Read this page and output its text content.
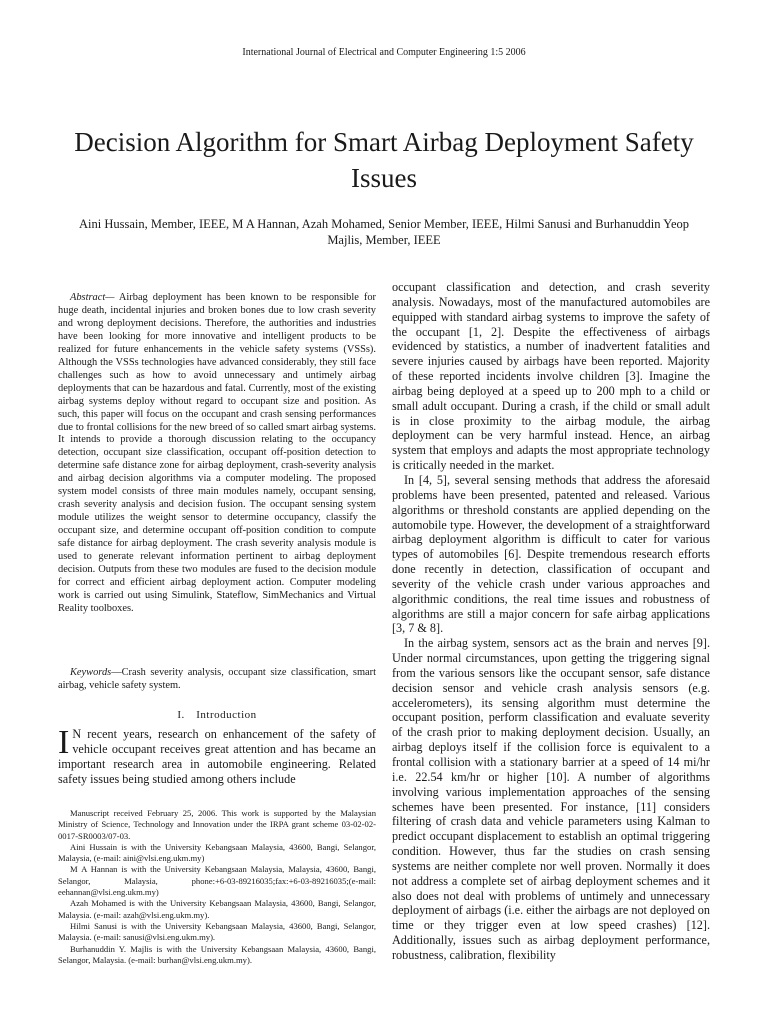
International Journal of Electrical and Computer Engineering 1:5 2006
Decision Algorithm for Smart Airbag Deployment Safety Issues
Aini Hussain, Member, IEEE, M A Hannan, Azah Mohamed, Senior Member, IEEE, Hilmi Sanusi and Burhanuddin Yeop Majlis, Member, IEEE
Abstract— Airbag deployment has been known to be responsible for huge death, incidental injuries and broken bones due to low crash severity and wrong deployment decisions. Therefore, the authorities and industries have been looking for more innovative and intelligent products to be realized for future enhancements in the vehicle safety systems (VSSs). Although the VSSs technologies have advanced considerably, they still face challenges such as how to avoid unnecessary and untimely airbag deployments that can be hazardous and fatal. Currently, most of the existing airbag systems deploy without regard to occupant size and position. As such, this paper will focus on the occupant and crash sensing performances due to frontal collisions for the new breed of so called smart airbag systems. It intends to provide a thorough discussion relating to the occupancy detection, occupant size classification, occupant off-position detection to determine safe distance zone for airbag deployment, crash-severity analysis and airbag decision algorithms via a computer modeling. The proposed system model consists of three main modules namely, occupant sensing, crash severity analysis and decision fusion. The occupant sensing system module utilizes the weight sensor to determine occupancy, classify the occupant size, and determine occupant off-position condition to compute safe distance for airbag deployment. The crash severity analysis module is used to generate relevant information pertinent to airbag deployment decision. Outputs from these two modules are fused to the decision module for correct and efficient airbag deployment action. Computer modeling work is carried out using Simulink, Stateflow, SimMechanics and Virtual Reality toolboxes.
Keywords—Crash severity analysis, occupant size classification, smart airbag, vehicle safety system.
I. Introduction
I N recent years, research on enhancement of the safety of vehicle occupant receives great attention and has became an important research area in automobile engineering. Related safety issues being studied among others include

Manuscript received February 25, 2006. This work is supported by the Malaysian Ministry of Science, Technology and Innovation under the IRPA grant scheme 03-02-02-0017-SR0003/07-03.

Aini Hussain is with the University Kebangsaan Malaysia, 43600, Bangi, Selangor, Malaysia, (e-mail: aini@vlsi.eng.ukm.my)

M A Hannan is with the University Kebangsaan Malaysia, Malaysia, 43600, Bangi, Selangor, Malaysia, phone:+6-03-89216035;fax:+6-03-89216035;(e-mail: eehannan@vlsi.eng.ukm.my)

Azah Mohamed is with the University Kebangsaan Malaysia, 43600, Bangi, Selangor, Malaysia. (e-mail: azah@vlsi.eng.ukm.my).

Hilmi Sanusi is with the University Kebangsaan Malaysia, 43600, Bangi, Selangor, Malaysia. (e-mail: sanusi@vlsi.eng.ukm.my).

Burhanuddin Y. Majlis is with the University Kebangsaan Malaysia, 43600, Bangi, Selangor, Malaysia. (e-mail: burhan@vlsi.eng.ukm.my).

occupant classification and detection, and crash severity analysis. Nowadays, most of the manufactured automobiles are equipped with standard airbag systems to improve the safety of the occupant [1, 2]. Despite the effectiveness of airbags evidenced by statistics, a number of inadvertent fatalities and severe injuries caused by airbags have been reported. Majority of these reported incidents involve children [3]. Imagine the airbag being deployed at a speed up to 200 mph to a child or small adult occupant. During a crash, if the child or small adult is in close proximity to the airbag module, the airbag deployment can be very harmful instead. Hence, an airbag system that employs and adapts the most appropriate technology is critically needed in the market.

In [4, 5], several sensing methods that address the aforesaid problems have been presented, patented and released. Various algorithms or threshold constants are applied depending on the automobile type. However, the development of a straightforward airbag deployment algorithm is difficult to cater for various types of automobiles [6]. Despite tremendous research efforts done recently in detection, classification of occupant and severity of the vehicle crash under various approaches and algorithmic conditions, the real time issues and robustness of algorithms are still a major concern for safe airbag applications [3, 7 & 8].

In the airbag system, sensors act as the brain and nerves [9]. Under normal circumstances, upon getting the triggering signal from the various sensors like the occupant sensor, safe distance decision sensor and vehicle crash analysis sensors (e.g. accelerometers), its sensing algorithm must determine the occupant position, perform classification and evaluate severity of the crash prior to making deployment decision. Usually, an airbag deploys itself if the collision force is equivalent to a frontal collision with a stationary barrier at a speed of 14 mi/hr i.e. 22.54 km/hr or higher [10]. A number of algorithms involving various implementation approaches of the sensing schemes have been presented. For instance, [11] considers filtering of crash data and vehicle parameters using Kalman to predict occupant displacement to establish an optimal triggering condition. However, thus far the studies on crash sensing systems are neither complete nor well proven. Normally it does not address a complete set of airbag deployment schemes and it also does not deal with problems of untimely and unnecessary deployment of airbags (i.e. either the airbags are not deployed on time or they trigger even at low speed crashes) [12]. Additionally, issues such as airbag deployment performance, robustness, calibration, flexibility
